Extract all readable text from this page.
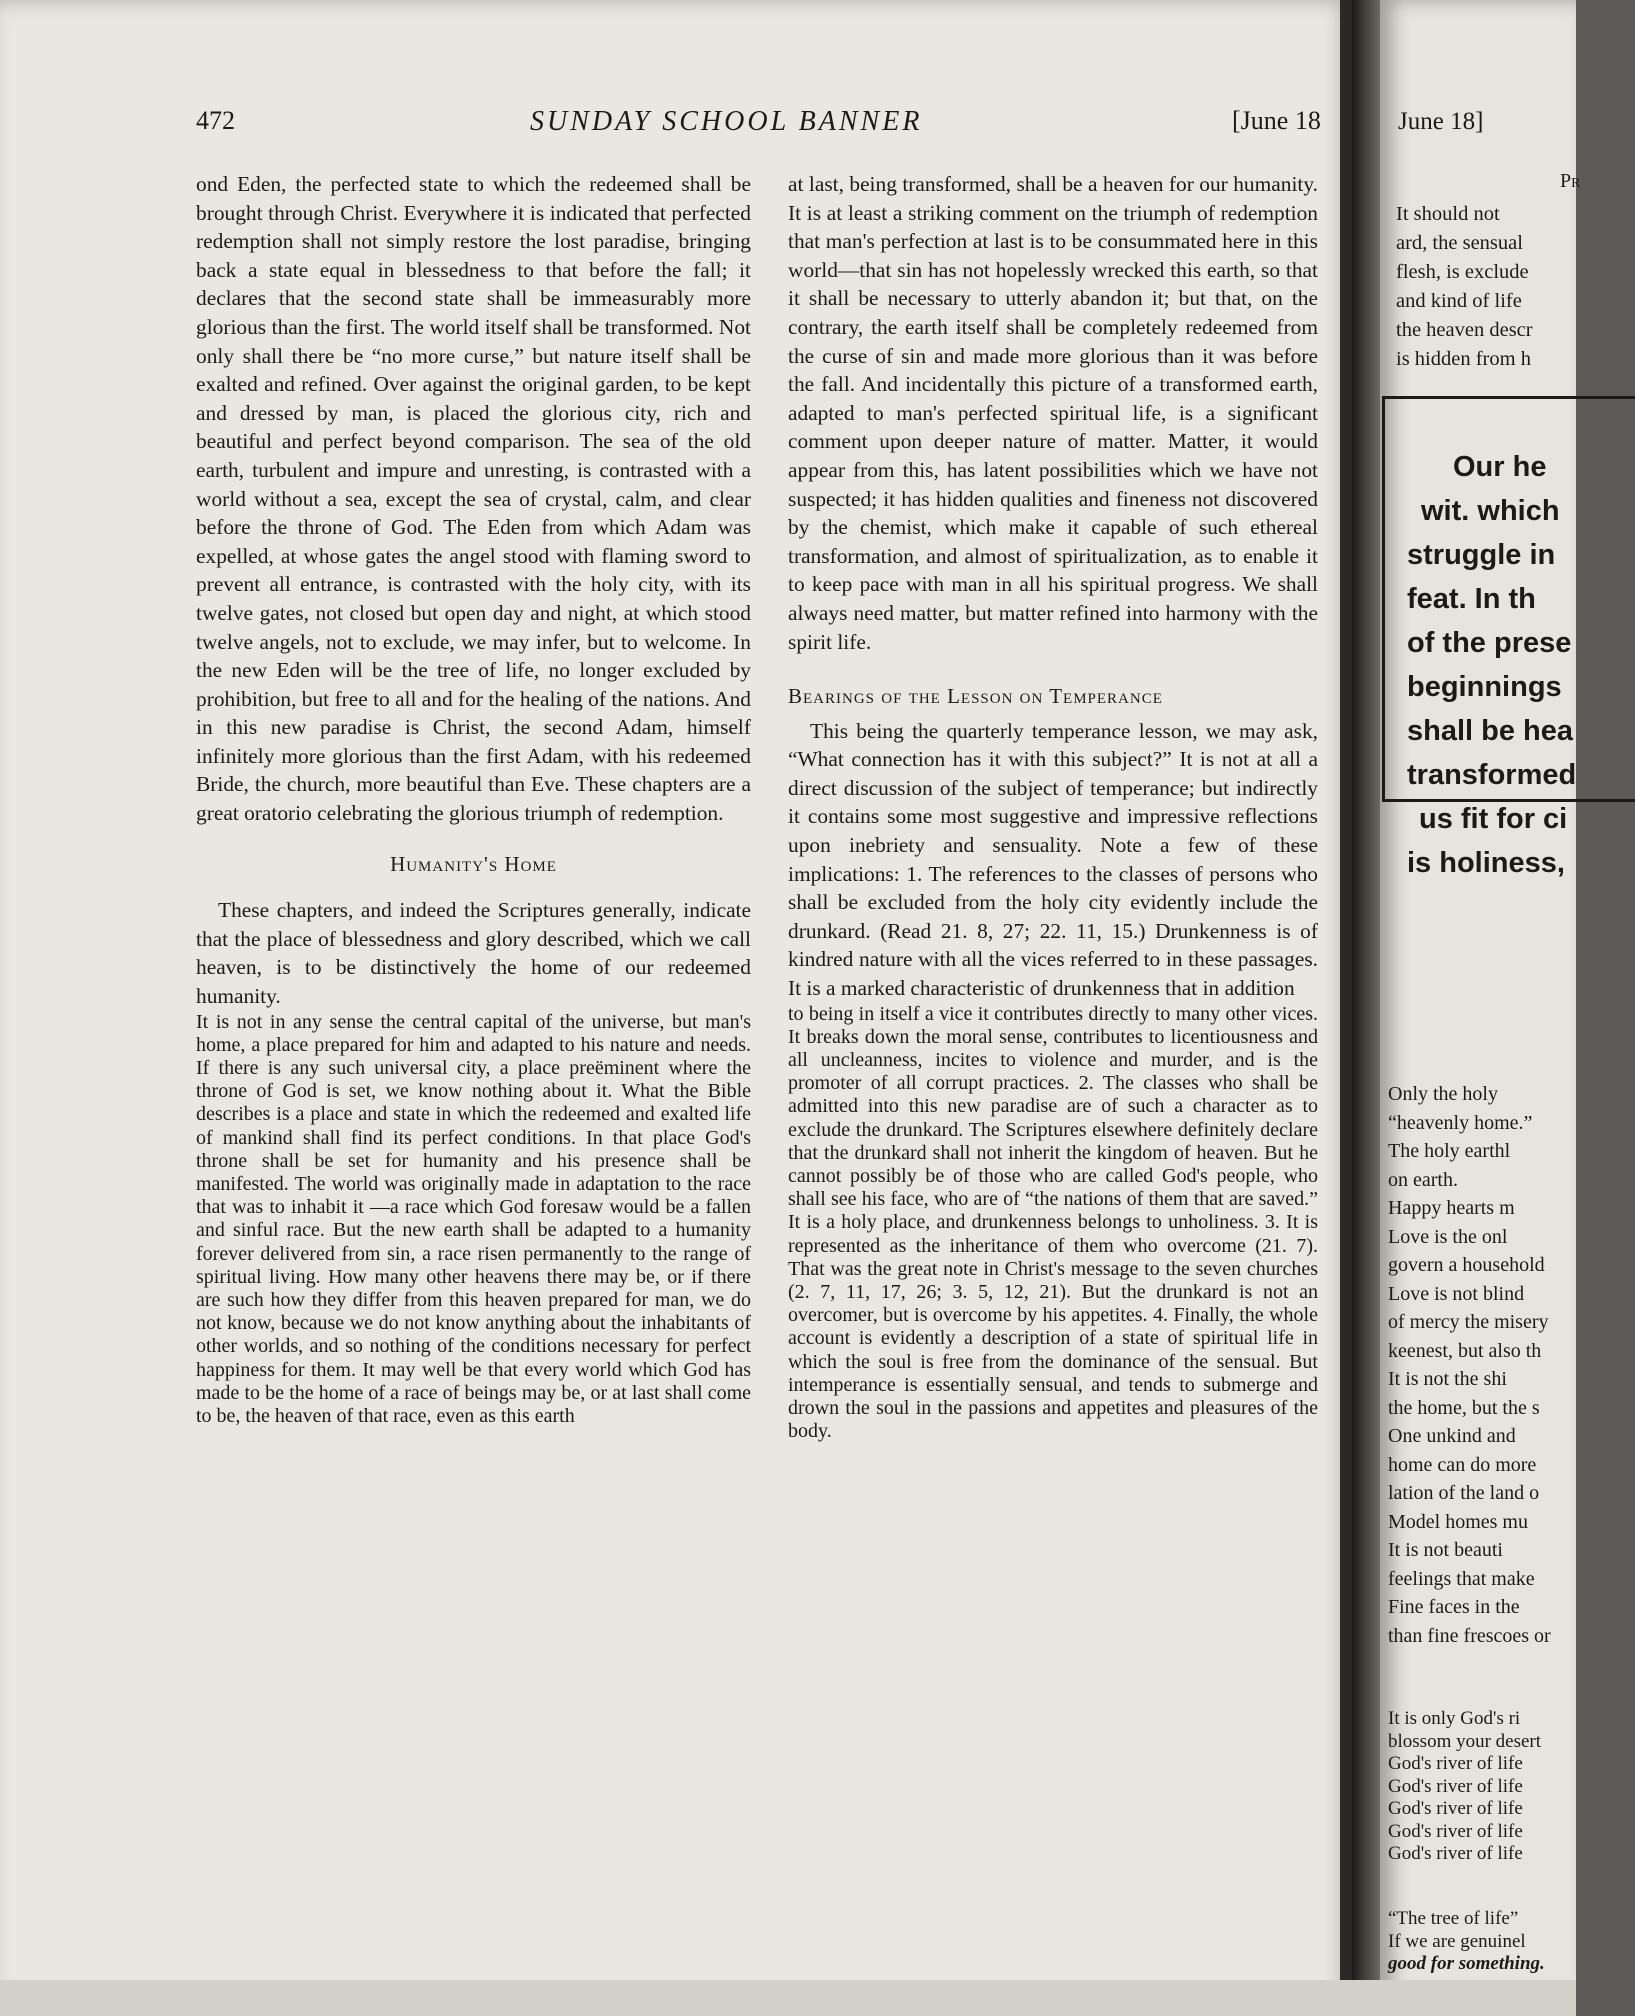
472	SUNDAY SCHOOL BANNER	[June 18

ond Eden, the perfected state to which the redeemed shall be brought through Christ. Everywhere it is indicated that perfected redemption shall not simply restore the lost paradise, bringing back a state equal in blessedness to that before the fall; it declares that the second state shall be immeasurably more glorious than the first. The world itself shall be transformed. Not only shall there be “no more curse,” but nature itself shall be exalted and refined. Over against the original garden, to be kept and dressed by man, is placed the glorious city, rich and beautiful and perfect beyond comparison. The sea of the old earth, turbulent and impure and unresting, is contrasted with a world without a sea, except the sea of crystal, calm, and clear before the throne of God. The Eden from which Adam was expelled, at whose gates the angel stood with flaming sword to prevent all entrance, is contrasted with the holy city, with its twelve gates, not closed but open day and night, at which stood twelve angels, not to exclude, we may infer, but to welcome. In the new Eden will be the tree of life, no longer excluded by prohibition, but free to all and for the healing of the nations. And in this new paradise is Christ, the second Adam, himself infinitely more glorious than the first Adam, with his redeemed Bride, the church, more beautiful than Eve. These chapters are a great oratorio celebrating the glorious triumph of redemption.

Humanity's Home

These chapters, and indeed the Scriptures generally, indicate that the place of blessedness and glory described, which we call heaven, is to be distinctively the home of our redeemed humanity.

It is not in any sense the central capital of the universe, but man's home, a place prepared for him and adapted to his nature and needs. If there is any such universal city, a place preëminent where the throne of God is set, we know nothing about it. What the Bible describes is a place and state in which the redeemed and exalted life of mankind shall find its perfect conditions. In that place God's throne shall be set for humanity and his presence shall be manifested. The world was originally made in adaptation to the race that was to inhabit it —a race which God foresaw would be a fallen and sinful race. But the new earth shall be adapted to a humanity forever delivered from sin, a race risen permanently to the range of spiritual living. How many other heavens there may be, or if there are such how they differ from this heaven prepared for man, we do not know, because we do not know anything about the inhabitants of other worlds, and so nothing of the conditions necessary for perfect happiness for them. It may well be that every world which God has made to be the home of a race of beings may be, or at last shall come to be, the heaven of that race, even as this earth

at last, being transformed, shall be a heaven for our humanity. It is at least a striking comment on the triumph of redemption that man's perfection at last is to be consummated here in this world—that sin has not hopelessly wrecked this earth, so that it shall be necessary to utterly abandon it; but that, on the contrary, the earth itself shall be completely redeemed from the curse of sin and made more glorious than it was before the fall. And incidentally this picture of a transformed earth, adapted to man's perfected spiritual life, is a significant comment upon deeper nature of matter. Matter, it would appear from this, has latent possibilities which we have not suspected; it has hidden qualities and fineness not discovered by the chemist, which make it capable of such ethereal transformation, and almost of spiritualization, as to enable it to keep pace with man in all his spiritual progress. We shall always need matter, but matter refined into harmony with the spirit life.

Bearings of the Lesson on Temperance

This being the quarterly temperance lesson, we may ask, “What connection has it with this subject?” It is not at all a direct discussion of the subject of temperance; but indirectly it contains some most suggestive and impressive reflections upon inebriety and sensuality. Note a few of these implications: 1. The references to the classes of persons who shall be excluded from the holy city evidently include the drunkard. (Read 21. 8, 27; 22. 11, 15.) Drunkenness is of kindred nature with all the vices referred to in these passages. It is a marked characteristic of drunkenness that in addition

to being in itself a vice it contributes directly to many other vices. It breaks down the moral sense, contributes to licentiousness and all uncleanness, incites to violence and murder, and is the promoter of all corrupt practices. 2. The classes who shall be admitted into this new paradise are of such a character as to exclude the drunkard. The Scriptures elsewhere definitely declare that the drunkard shall not inherit the kingdom of heaven. But he cannot possibly be of those who are called God's people, who shall see his face, who are of “the nations of them that are saved.” It is a holy place, and drunkenness belongs to unholiness. 3. It is represented as the inheritance of them who overcome (21. 7). That was the great note in Christ's message to the seven churches (2. 7, 11, 17, 26; 3. 5, 12, 21). But the drunkard is not an overcomer, but is overcome by his appetites. 4. Finally, the whole account is evidently a description of a state of spiritual life in which the soul is free from the dominance of the sensual. But intemperance is essentially sensual, and tends to submerge and drown the soul in the passions and appetites and pleasures of the body.

June 18]
Pr
It should not
ard, the sensual
flesh, is exclude
and kind of life
the heaven descr
is hidden from h
Our he
wit. which
struggle in
feat. In th
of the prese
beginnings
shall be hea
transformed
us fit for ci
is holiness,
Only the holy
“heavenly home.”
The holy earthl
on earth.
Happy hearts m
Love is the onl
govern a household
Love is not blind
of mercy the misery
keenest, but also th
It is not the shi
the home, but the s
One unkind and
home can do more
lation of the land o
Model homes mu
It is not beauti
feelings that make
Fine faces in the
than fine frescoes or
It is only God's ri
blossom your desert
God's river of life
God's river of life
God's river of life
God's river of life
God's river of life
“The tree of life”
If we are genuinel
good for something.
